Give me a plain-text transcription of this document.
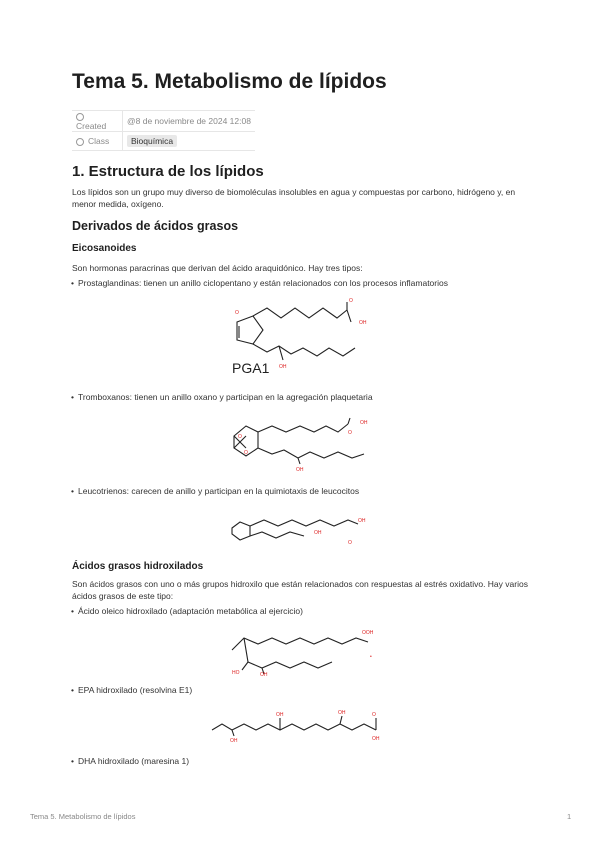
Tema 5. Metabolismo de lípidos
Created	@8 de noviembre de 2024 12:08
Class	Bioquímica
1. Estructura de los lípidos

Los lípidos son un grupo muy diverso de biomoléculas insolubles en agua y compuestas por carbono, hidrógeno y, en menor medida, oxígeno.

Derivados de ácidos grasos
Eicosanoides

Son hormonas paracrinas que derivan del ácido araquidónico. Hay tres tipos:

• Prostaglandinas: tienen un anillo ciclopentano y están relacionados con los procesos inflamatorios

O
O
OH
OH
PGA1

• Tromboxanos: tienen un anillo oxano y participan en la agregación plaquetaria

O
O
OH
O
OH

• Leucotrienos: carecen de anillo y participan en la quimiotaxis de leucocitos

OH
OH
O
Ácidos grasos hidroxilados

Son ácidos grasos con uno o más grupos hidroxilo que están relacionados con respuestas al estrés oxidativo. Hay varios ácidos grasos de este tipo:

• Ácido oleico hidroxilado (adaptación metabólica al ejercicio)

HO	OH
OOH
•

• EPA hidroxilado (resolvina E1)

OH
OH	OH	O
OH

• DHA hidroxilado (maresina 1)

Tema 5. Metabolismo de lípidos	1
